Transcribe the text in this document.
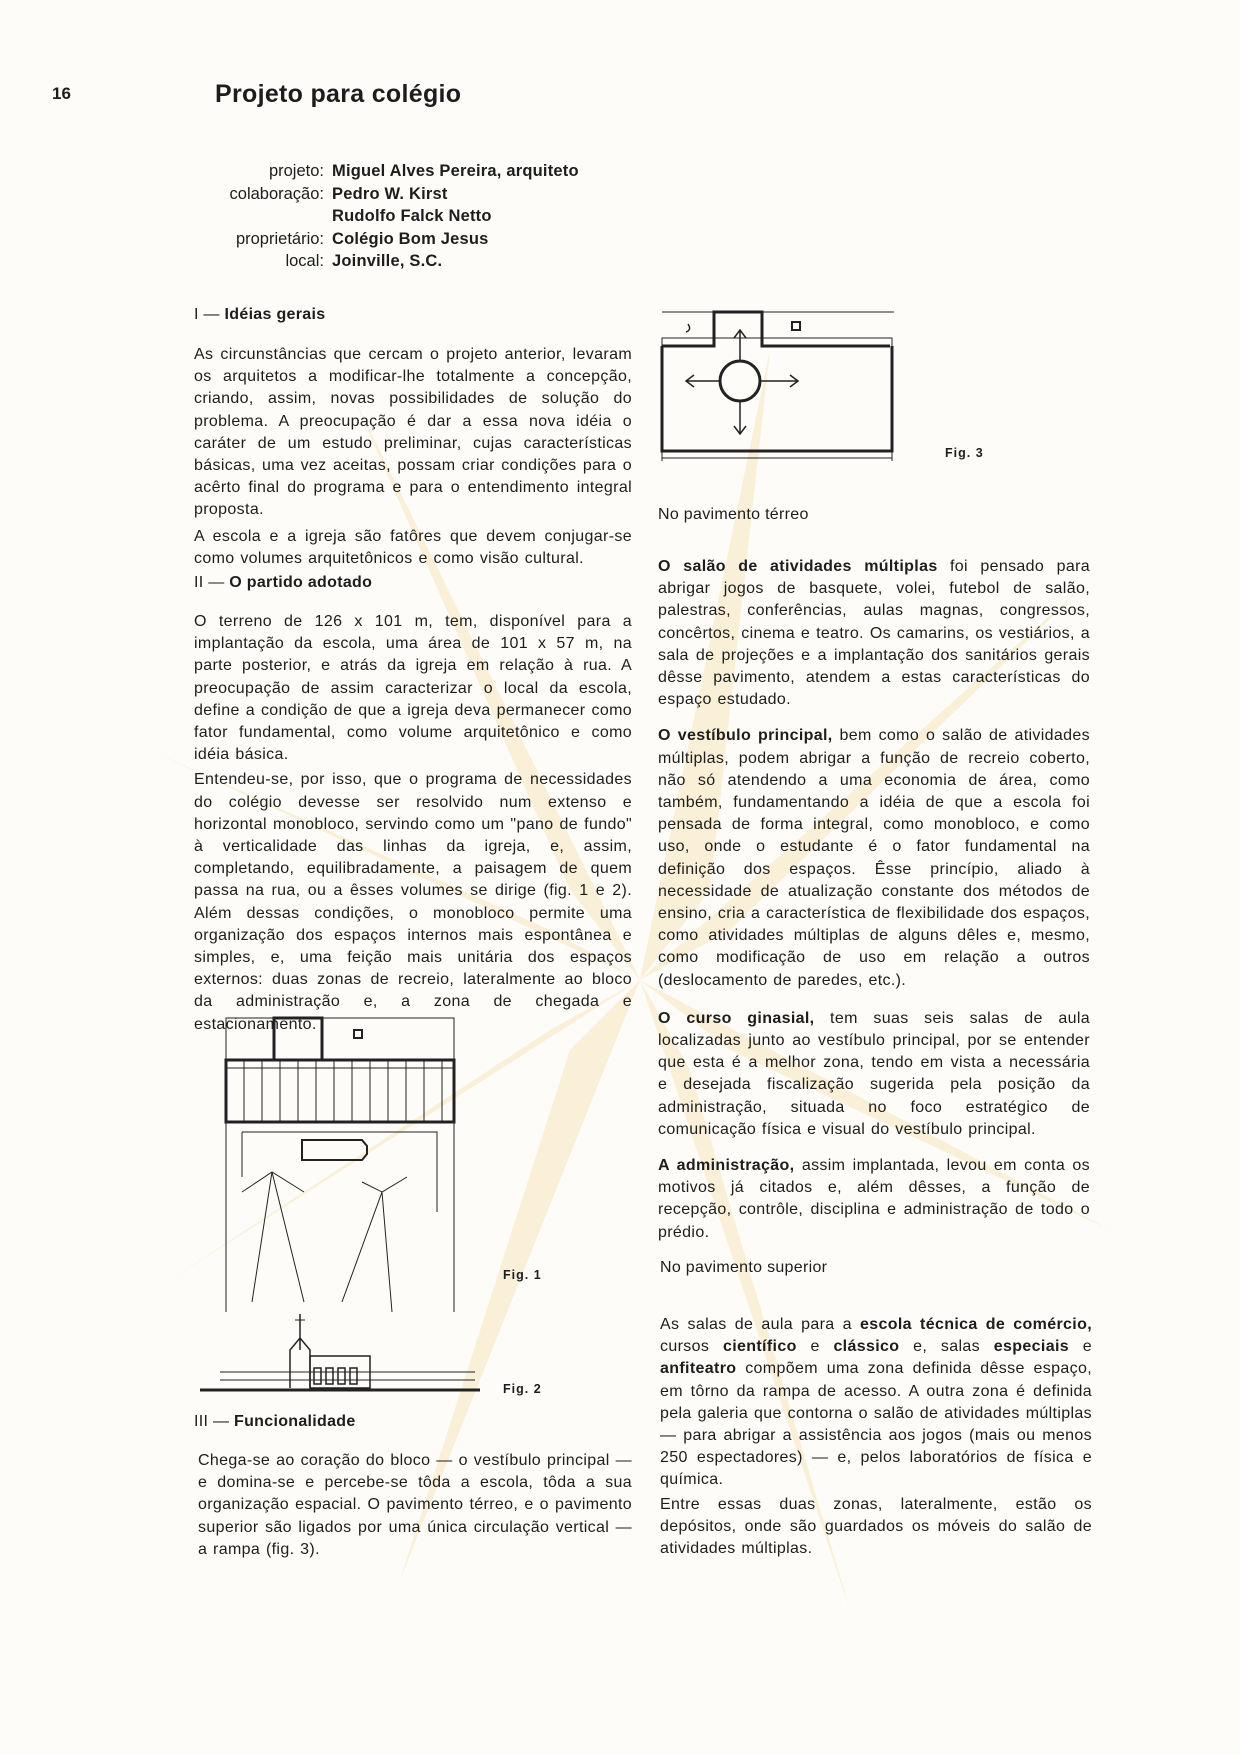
16	Projeto para colégio
projeto: Miguel Alves Pereira, arquiteto
colaboração: Pedro W. Kirst
Rudolfo Falck Netto
proprietário: Colégio Bom Jesus
local: Joinville, S.C.
I — Idéias gerais

As circunstâncias que cercam o projeto anterior, levaram os arquitetos a modificar-lhe totalmente a concepção, criando, assim, novas possibilidades de solução do problema. A preocupação é dar a essa nova idéia o caráter de um estudo preliminar, cujas características básicas, uma vez aceitas, possam criar condições para o acêrto final do programa e para o entendimento integral proposta.

A escola e a igreja são fatôres que devem conjugar-se como volumes arquitetônicos e como visão cultural.

II — O partido adotado

O terreno de 126 x 101 m, tem, disponível para a implantação da escola, uma área de 101 x 57 m, na parte posterior, e atrás da igreja em relação à rua. A preocupação de assim caracterizar o local da escola, define a condição de que a igreja deva permanecer como fator fundamental, como volume arquitetônico e como idéia básica.

Entendeu-se, por isso, que o programa de necessidades do colégio devesse ser resolvido num extenso e horizontal monobloco, servindo como um "pano de fundo" à verticalidade das linhas da igreja, e, assim, completando, equilibradamente, a paisagem de quem passa na rua, ou a êsses volumes se dirige (fig. 1 e 2). Além dessas condições, o monobloco permite uma organização dos espaços internos mais espontânea e simples, e, uma feição mais unitária dos espaços externos: duas zonas de recreio, lateralmente ao bloco da administração e, a zona de chegada e estacionamento.

Fig. 1
Fig. 2
III — Funcionalidade

Chega-se ao coração do bloco — o vestíbulo principal — e domina-se e percebe-se tôda a escola, tôda a sua organização espacial. O pavimento térreo, e o pavimento superior são ligados por uma única circulação vertical — a rampa (fig. 3).

Fig. 3
No pavimento térreo

O salão de atividades múltiplas foi pensado para abrigar jogos de basquete, volei, futebol de salão, palestras, conferências, aulas magnas, congressos, concêrtos, cinema e teatro. Os camarins, os vestiários, a sala de projeções e a implantação dos sanitários gerais dêsse pavimento, atendem a estas características do espaço estudado.

O vestíbulo principal, bem como o salão de atividades múltiplas, podem abrigar a função de recreio coberto, não só atendendo a uma economia de área, como também, fundamentando a idéia de que a escola foi pensada de forma integral, como monobloco, e como uso, onde o estudante é o fator fundamental na definição dos espaços. Êsse princípio, aliado à necessidade de atualização constante dos métodos de ensino, cria a característica de flexibilidade dos espaços, como atividades múltiplas de alguns dêles e, mesmo, como modificação de uso em relação a outros (deslocamento de paredes, etc.).

O curso ginasial, tem suas seis salas de aula localizadas junto ao vestíbulo principal, por se entender que esta é a melhor zona, tendo em vista a necessária e desejada fiscalização sugerida pela posição da administração, situada no foco estratégico de comunicação física e visual do vestíbulo principal.

A administração, assim implantada, levou em conta os motivos já citados e, além dêsses, a função de recepção, contrôle, disciplina e administração de todo o prédio.

No pavimento superior

As salas de aula para a escola técnica de comércio, cursos científico e clássico e, salas especiais e anfiteatro compõem uma zona definida dêsse espaço, em tôrno da rampa de acesso. A outra zona é definida pela galeria que contorna o salão de atividades múltiplas — para abrigar a assistência aos jogos (mais ou menos 250 espectadores) — e, pelos laboratórios de física e química.

Entre essas duas zonas, lateralmente, estão os depósitos, onde são guardados os móveis do salão de atividades múltiplas.
